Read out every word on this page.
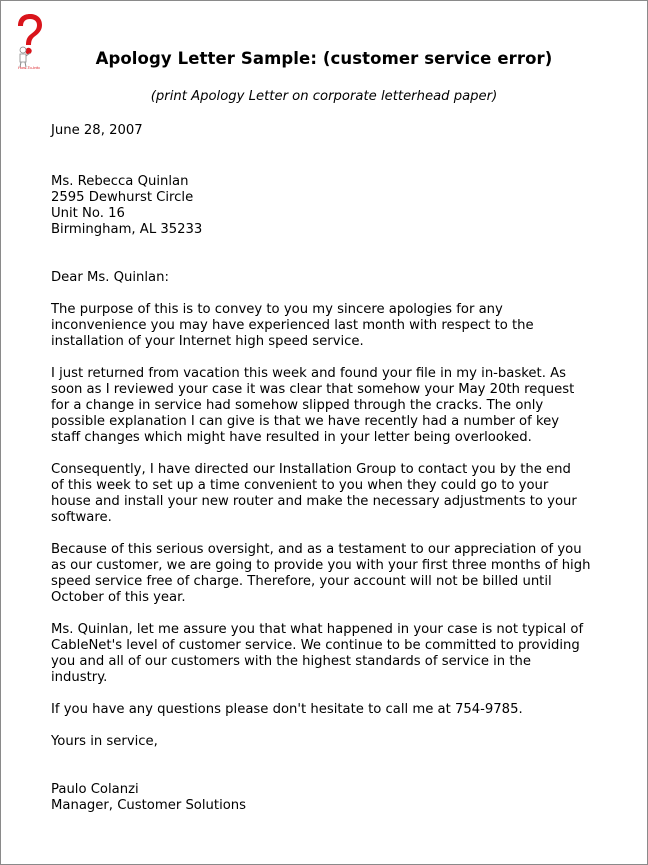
How-To-Info	Apology Letter Sample: (customer service error)
(print Apology Letter on corporate letterhead paper)

June 28, 2007

Ms. Rebecca Quinlan

2595 Dewhurst Circle

Unit No. 16

Birmingham, AL 35233

Dear Ms. Quinlan:

The purpose of this is to convey to you my sincere apologies for any

inconvenience you may have experienced last month with respect to the

installation of your Internet high speed service.

I just returned from vacation this week and found your file in my in-basket. As

soon as I reviewed your case it was clear that somehow your May 20th request

for a change in service had somehow slipped through the cracks. The only

possible explanation I can give is that we have recently had a number of key

staff changes which might have resulted in your letter being overlooked.

Consequently, I have directed our Installation Group to contact you by the end

of this week to set up a time convenient to you when they could go to your

house and install your new router and make the necessary adjustments to your

software.

Because of this serious oversight, and as a testament to our appreciation of you

as our customer, we are going to provide you with your first three months of high

speed service free of charge. Therefore, your account will not be billed until

October of this year.

Ms. Quinlan, let me assure you that what happened in your case is not typical of

CableNet's level of customer service. We continue to be committed to providing

you and all of our customers with the highest standards of service in the

industry.

If you have any questions please don't hesitate to call me at 754-9785.

Yours in service,

Paulo Colanzi

Manager, Customer Solutions
